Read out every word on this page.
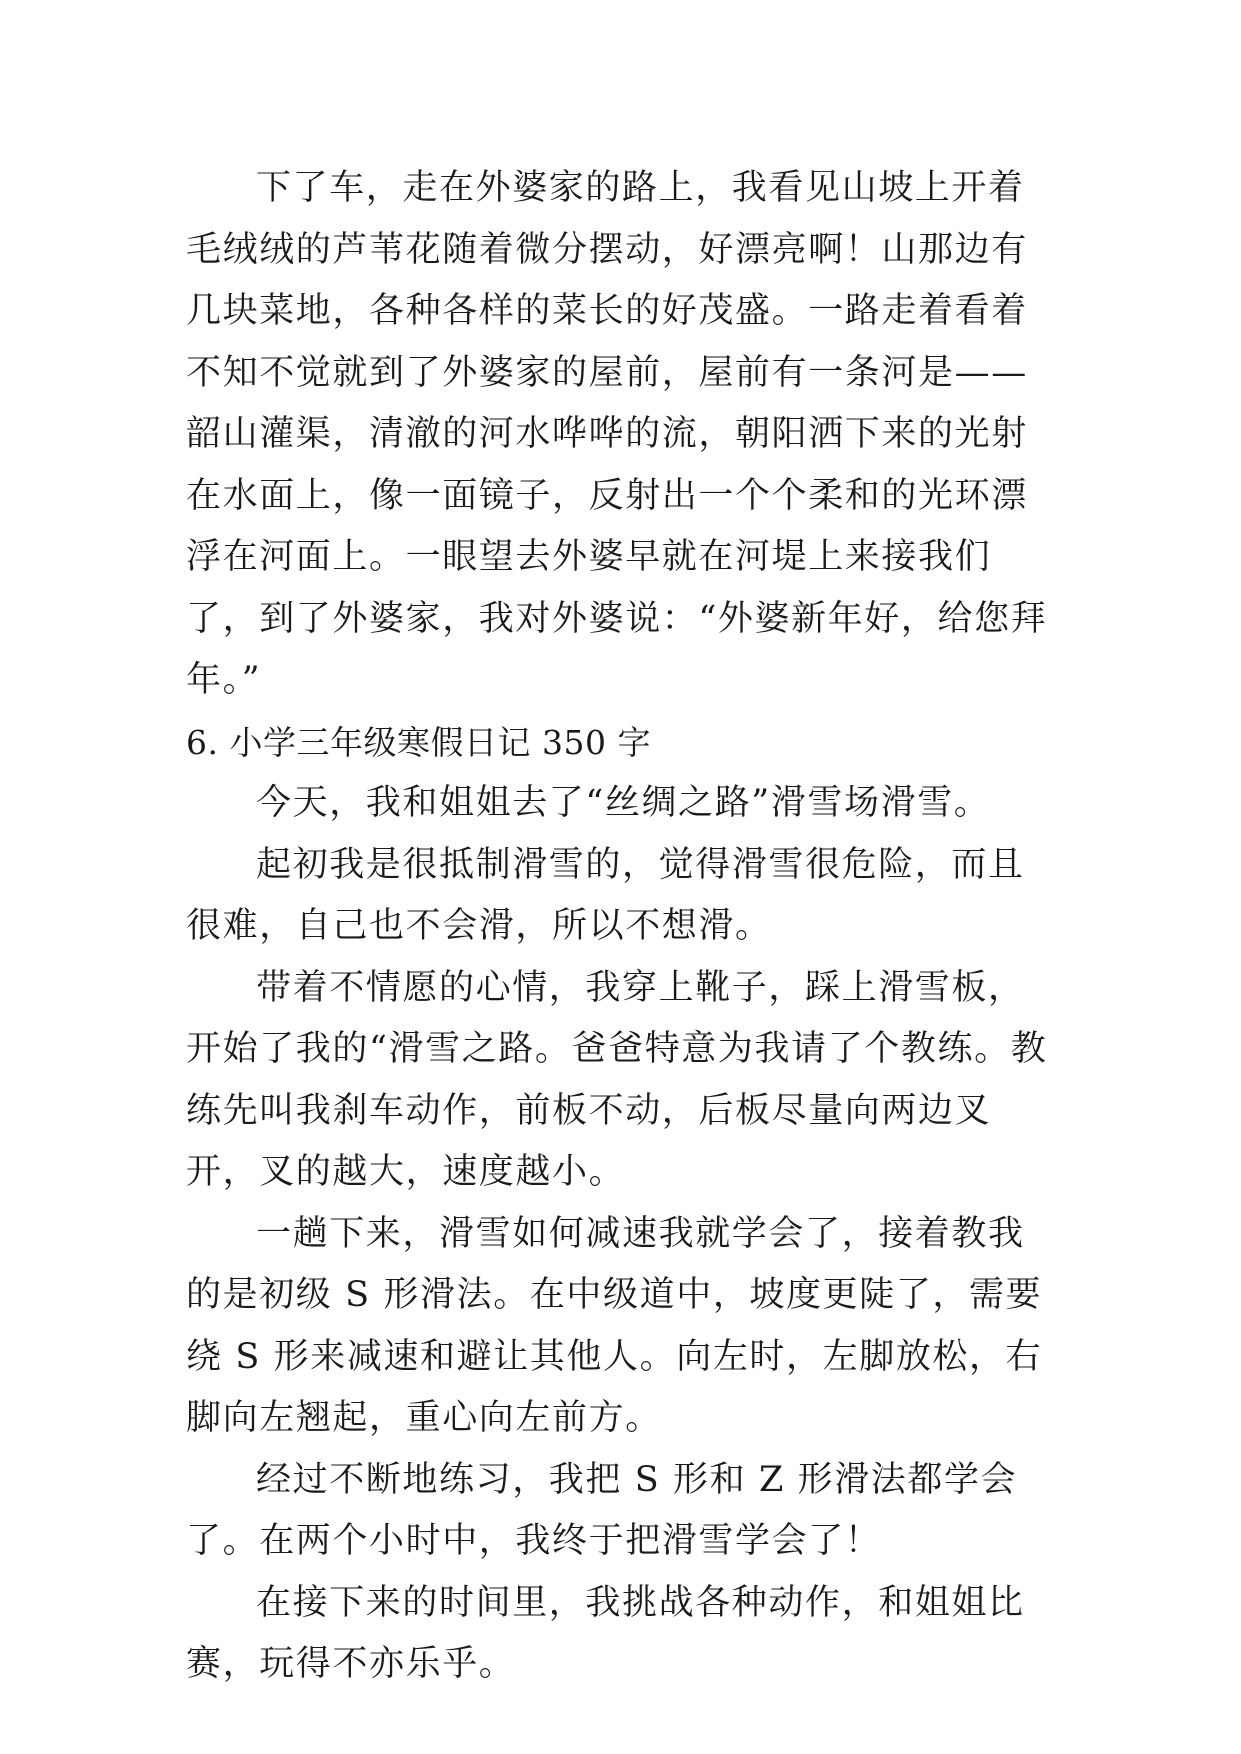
下了车，走在外婆家的路上，我看见山坡上开着毛绒绒的芦苇花随着微分摆动，好漂亮啊！山那边有几块菜地，各种各样的菜长的好茂盛。一路走着看着不知不觉就到了外婆家的屋前，屋前有一条河是——韶山灌渠，清澈的河水哗哗的流，朝阳洒下来的光射在水面上，像一面镜子，反射出一个个柔和的光环漂浮在河面上。一眼望去外婆早就在河堤上来接我们了，到了外婆家，我对外婆说：“外婆新年好，给您拜年。”

6. 小学三年级寒假日记 350 字

今天，我和姐姐去了“丝绸之路”滑雪场滑雪。

起初我是很抵制滑雪的，觉得滑雪很危险，而且很难，自己也不会滑，所以不想滑。

带着不情愿的心情，我穿上靴子，踩上滑雪板，开始了我的“滑雪之路。爸爸特意为我请了个教练。教练先叫我刹车动作，前板不动，后板尽量向两边叉开，叉的越大，速度越小。

一趟下来，滑雪如何减速我就学会了，接着教我的是初级 S 形滑法。在中级道中，坡度更陡了，需要绕 S 形来减速和避让其他人。向左时，左脚放松，右脚向左翘起，重心向左前方。

经过不断地练习，我把 S 形和 Z 形滑法都学会了。在两个小时中，我终于把滑雪学会了！

在接下来的时间里，我挑战各种动作，和姐姐比赛，玩得不亦乐乎。
